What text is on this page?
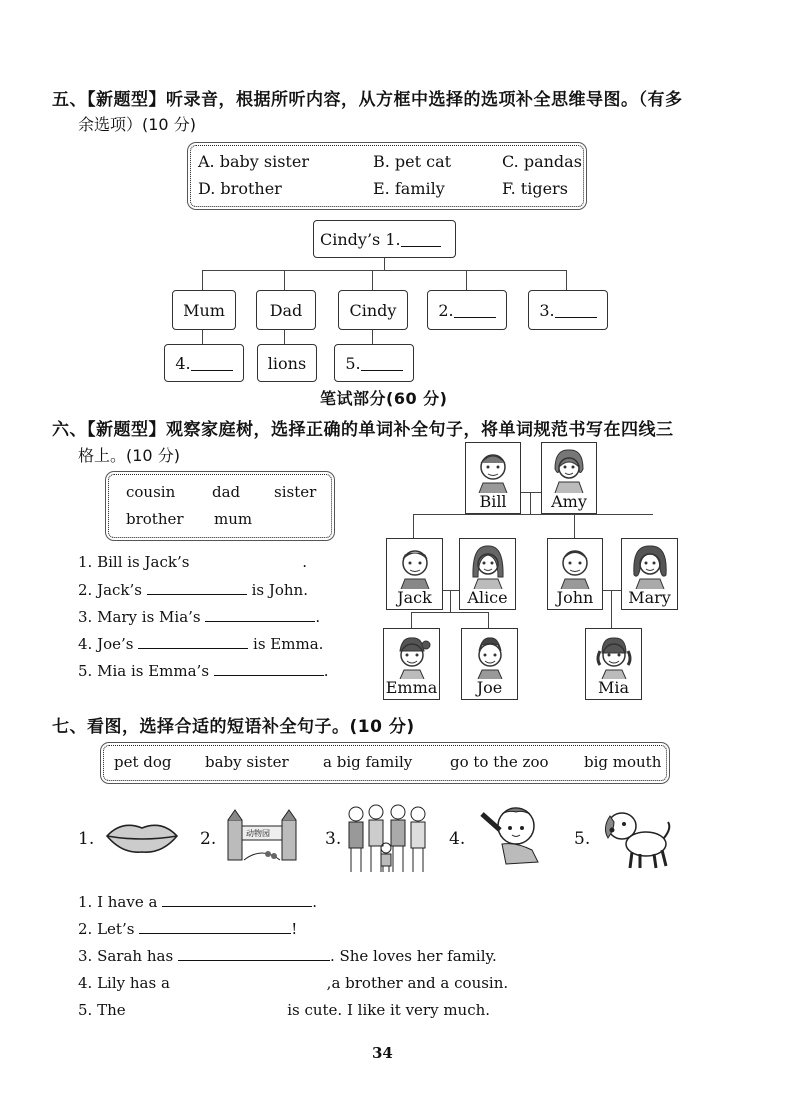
五、【新题型】听录音，根据所听内容，从方框中选择的选项补全思维导图。（有多
余选项）(10 分)
A. baby sister	B. pet cat	C. pandas
D. brother	E. family	F. tigers
Cindy’s 1.
Mum	Dad	Cindy	2.	3.
4.	lions	5.
笔试部分(60 分)
六、【新题型】观察家庭树，选择正确的单词补全句子，将单词规范书写在四线三
格上。(10 分)
cousin dad sister
brother mum
1. Bill is Jack’s	.
2. Jack’s	is John.
3. Mary is Mia’s	.
4. Joe’s	is Emma.
5. Mia is Emma’s	.
Bill	Amy
Jack	Alice	John	Mary
Emma	Joe	Mia
七、看图，选择合适的短语补全句子。(10 分)
pet dog baby sister a big family	go to the zoo big mouth
1.	2.	动物园	3.	4.	5.
1. I have a	.
2. Let’s	!
3. Sarah has	. She loves her family.
4. Lily has a	,a brother and a cousin.
5. The	is cute. I like it very much.
34
